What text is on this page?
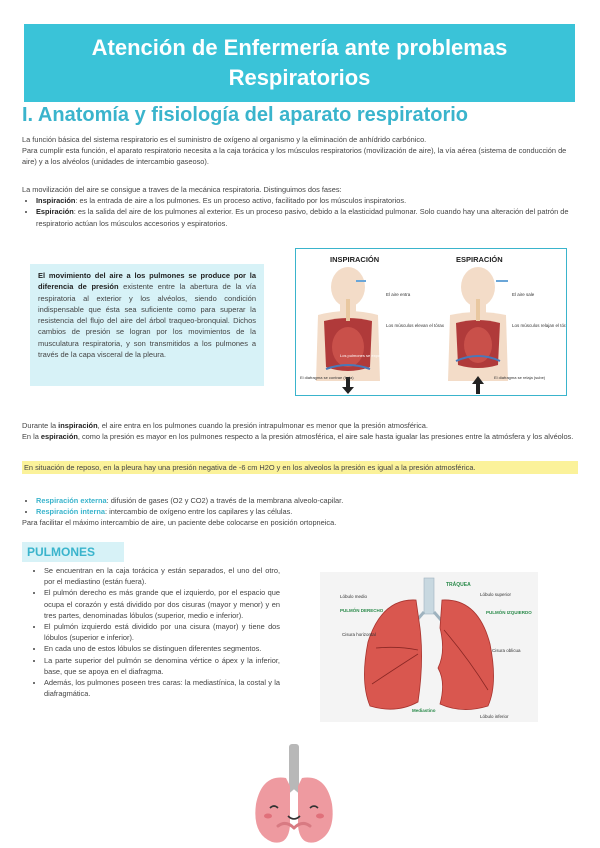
Atención de Enfermería ante problemas
Respiratorios
I. Anatomía y fisiología del aparato respiratorio
La función básica del sistema respiratorio es el suministro de oxígeno al organismo y la eliminación de anhídrido carbónico.
Para cumplir esta función, el aparato respiratorio necesita a la caja torácica y los músculos respiratorios (movilización de aire), la vía aérea (sistema de conducción de aire) y a los alvéolos (unidades de intercambio gaseoso).
La movilización del aire se consigue a traves de la mecánica respiratoria. Distinguimos dos fases:
• Inspiración: es la entrada de aire a los pulmones. Es un proceso activo, facilitado por los músculos inspiratorios.
• Espiración: es la salida del aire de los pulmones al exterior. Es un proceso pasivo, debido a la elasticidad pulmonar. Solo cuando hay una alteración del patrón de respiratorio actúan los músculos accesorios y espiratorios.
El movimiento del aire a los pulmones se produce por la diferencia de presión existente entre la abertura de la vía respiratoria al exterior y los alvéolos, siendo condición indispensable que ésta sea suficiente como para superar la resistencia del flujo del aire del árbol traqueo-bronquial. Dichos cambios de presión se logran por los movimientos de la musculatura respiratoria, y son transmitidos a los pulmones a través de la capa visceral de la pleura.
INSPIRACIÓN	ESPIRACIÓN
El aire entra
Los músculos elevan el tórax
Los pulmones se expanden
El diafragma se contrae (baja)
El aire sale
Los músculos relajan el tórax
El diafragma se relaja (sube)
Durante la inspiración, el aire entra en los pulmones cuando la presión intrapulmonar es menor que la presión atmosférica.
En la espiración, como la presión es mayor en los pulmones respecto a la presión atmosférica, el aire sale hasta igualar las presiones entre la atmósfera y los alvéolos.
En situación de reposo, en la pleura hay una presión negativa de -6 cm H2O y en los alveolos la presión es igual a la presión atmosférica.
• Respiración externa: difusión de gases (O2 y CO2) a través de la membrana alveolo-capilar.
• Respiración interna: intercambio de oxígeno entre los capilares y las células.
Para facilitar el máximo intercambio de aire, un paciente debe colocarse en posición ortopneica.
PULMONES
• Se encuentran en la caja torácica y están separados, el uno del otro, por el mediastino (están fuera).
• El pulmón derecho es más grande que el izquierdo, por el espacio que ocupa el corazón y está dividido por dos cisuras (mayor y menor) y en tres partes, denominadas lóbulos (superior, medio e inferior).
• El pulmón izquierdo está dividido por una cisura (mayor) y tiene dos lóbulos (superior e inferior).
• En cada uno de estos lóbulos se distinguen diferentes segmentos.
• La parte superior del pulmón se denomina vértice o ápex y la inferior, base, que se apoya en el diafragma.
• Además, los pulmones poseen tres caras: la mediastínica, la costal y la diafragmática.
TRÁQUEA
Lóbulo superior
Lóbulo medio
PULMÓN DERECHO	PULMÓN IZQUIERDO
Cisura horizontal
Cisura oblicua
Mediastino
Lóbulo inferior
